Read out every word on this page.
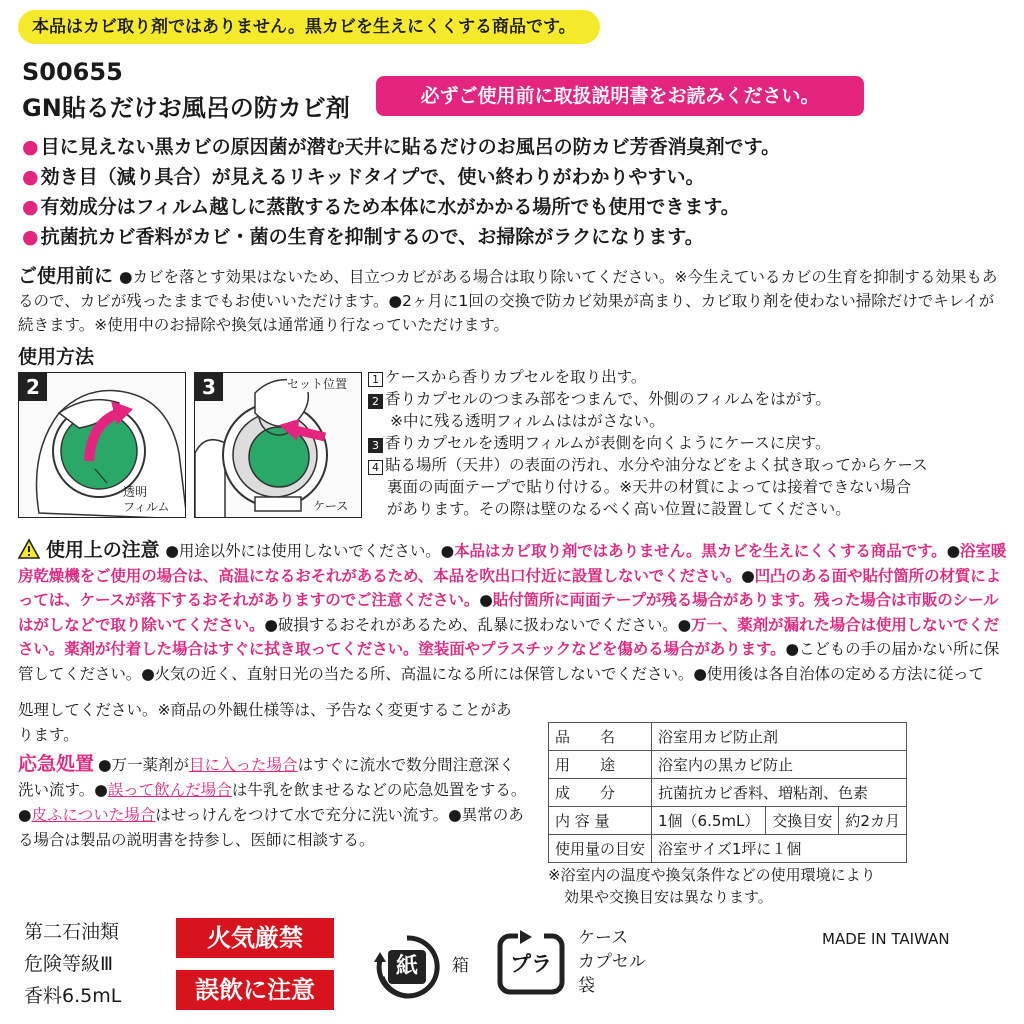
本品はカビ取り剤ではありません。黒カビを生えにくくする商品です。
S00655
GN貼るだけお風呂の防カビ剤	必ずご使用前に取扱説明書をお読みください。
● 目に見えない黒カビの原因菌が潜む天井に貼るだけのお風呂の防カビ芳香消臭剤です。
● 効き目（減り具合）が見えるリキッドタイプで、使い終わりがわかりやすい。
● 有効成分はフィルム越しに蒸散するため本体に水がかかる場所でも使用できます。
● 抗菌抗カビ香料がカビ・菌の生育を抑制するので、お掃除がラクになります。
ご使用前に ●カビを落とす効果はないため、目立つカビがある場合は取り除いてください。※今生えているカビの生育を抑制する効果もあるので、カビが残ったままでもお使いいただけます。●2ヶ月に1回の交換で防カビ効果が高まり、カビ取り剤を使わない掃除だけでキレイが続きます。※使用中のお掃除や換気は通常通り行なっていただけます。
使用方法
2
透明
フィルム
3	セット位置
ケース
1 ケースから香りカプセルを取り出す。
2 香りカプセルのつまみ部をつまんで、外側のフィルムをはがす。
※中に残る透明フィルムははがさない。
3 香りカプセルを透明フィルムが表側を向くようにケースに戻す。
4 貼る場所（天井）の表面の汚れ、水分や油分などをよく拭き取ってからケース
裏面の両面テープで貼り付ける。※天井の材質によっては接着できない場合
があります。その際は壁のなるべく高い位置に設置してください。
使用上の注意 ●用途以外には使用しないでください。●本品はカビ取り剤ではありません。黒カビを生えにくくする商品です。●浴室暖房乾燥機をご使用の場合は、高温になるおそれがあるため、本品を吹出口付近に設置しないでください。●凹凸のある面や貼付箇所の材質によっては、ケースが落下するおそれがありますのでご注意ください。●貼付箇所に両面テープが残る場合があります。残った場合は市販のシールはがしなどで取り除いてください。●破損するおそれがあるため、乱暴に扱わないでください。●万一、薬剤が漏れた場合は使用しないでください。薬剤が付着した場合はすぐに拭き取ってください。塗装面やプラスチックなどを傷める場合があります。●こどもの手の届かない所に保管してください。●火気の近く、直射日光の当たる所、高温になる所には保管しないでください。●使用後は各自治体の定める方法に従って
処理してください。※商品の外観仕様等は、予告なく変更することがあります。
応急処置 ●万一薬剤が目に入った場合はすぐに流水で数分間注意深く洗い流す。●誤って飲んだ場合は牛乳を飲ませるなどの応急処置をする。●皮ふについた場合はせっけんをつけて水で充分に洗い流す。●異常のある場合は製品の説明書を持参し、医師に相談する。
品　　名	浴室用カビ防止剤		
用　　途	浴室内の黒カビ防止		
成　　分	抗菌抗カビ香料、増粘剤、色素		
内 容 量	1個（6.5mL）	交換目安	約2カ月
使用量の目安	浴室サイズ1坪に１個		
※浴室内の温度や換気条件などの使用環境により
効果や交換目安は異なります。
第二石油類
危険等級Ⅲ
香料6.5mL
火気厳禁
誤飲に注意
紙	箱 プラ
ケース
カプセル
袋
MADE IN TAIWAN
